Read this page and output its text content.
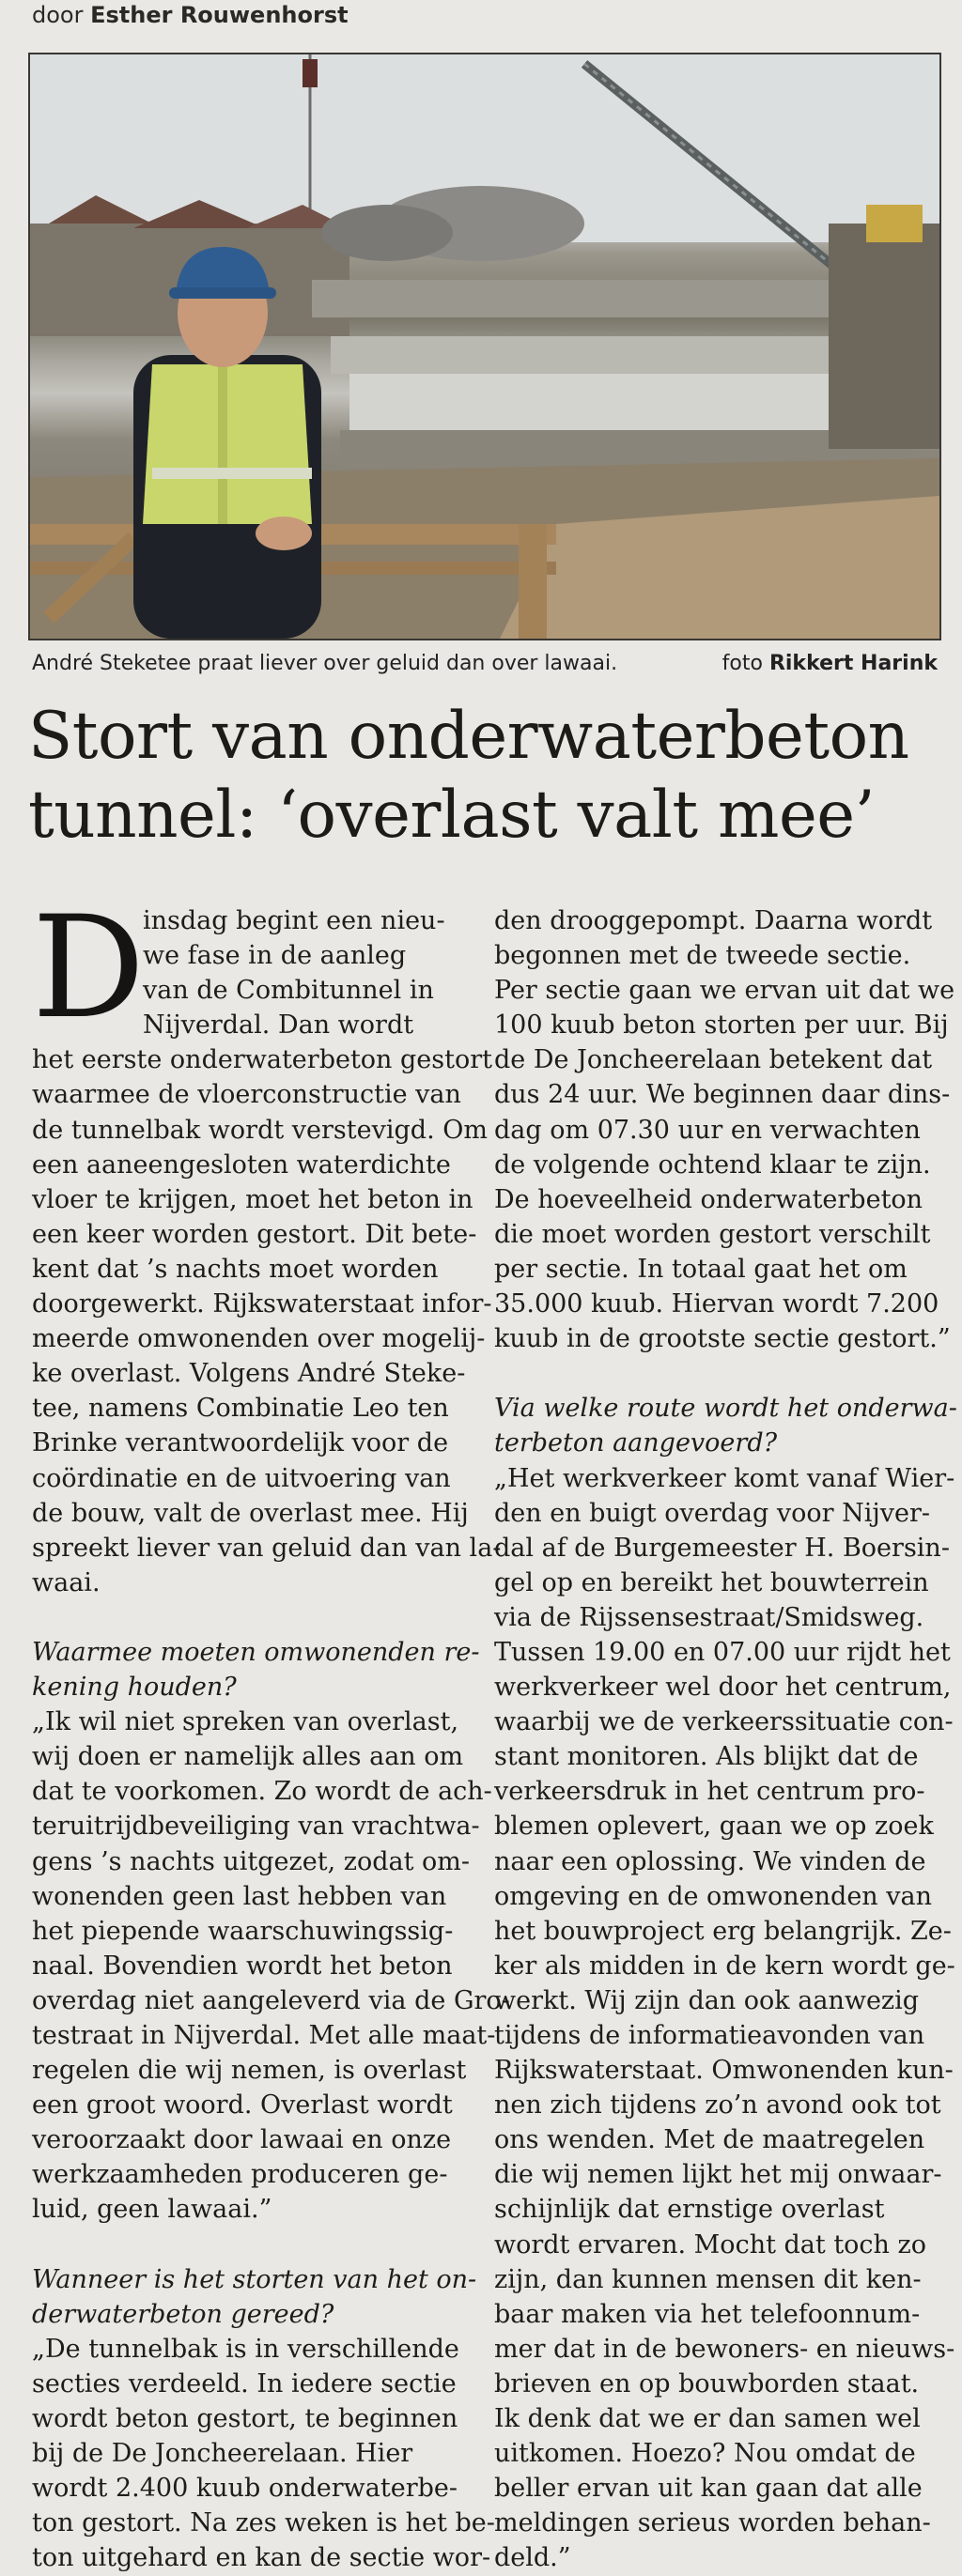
door Esther Rouwenhorst
André Steketee praat liever over geluid dan over lawaai.	foto Rikkert Harink
Stort van onderwaterbeton
tunnel: ‘overlast valt mee’
D
insdag begint een nieu-
we fase in de aanleg
van de Combitunnel in
Nijverdal. Dan wordt
het eerste onderwaterbeton gestort
waarmee de vloerconstructie van
de tunnelbak wordt verstevigd. Om
een aaneengesloten waterdichte
vloer te krijgen, moet het beton in
een keer worden gestort. Dit bete-
kent dat ’s nachts moet worden
doorgewerkt. Rijkswaterstaat infor-
meerde omwonenden over mogelij-
ke overlast. Volgens André Steke-
tee, namens Combinatie Leo ten
Brinke verantwoordelijk voor de
coördinatie en de uitvoering van
de bouw, valt de overlast mee. Hij
spreekt liever van geluid dan van la-
waai.
Waarmee moeten omwonenden re-
kening houden?
„Ik wil niet spreken van overlast,
wij doen er namelijk alles aan om
dat te voorkomen. Zo wordt de ach-
teruitrijdbeveiliging van vrachtwa-
gens ’s nachts uitgezet, zodat om-
wonenden geen last hebben van
het piepende waarschuwingssig-
naal. Bovendien wordt het beton
overdag niet aangeleverd via de Gro-
testraat in Nijverdal. Met alle maat-
regelen die wij nemen, is overlast
een groot woord. Overlast wordt
veroorzaakt door lawaai en onze
werkzaamheden produceren ge-
luid, geen lawaai.”
Wanneer is het storten van het on-
derwaterbeton gereed?
„De tunnelbak is in verschillende
secties verdeeld. In iedere sectie
wordt beton gestort, te beginnen
bij de De Joncheerelaan. Hier
wordt 2.400 kuub onderwaterbe-
ton gestort. Na zes weken is het be-
ton uitgehard en kan de sectie wor-
den drooggepompt. Daarna wordt
begonnen met de tweede sectie.
Per sectie gaan we ervan uit dat we
100 kuub beton storten per uur. Bij
de De Joncheerelaan betekent dat
dus 24 uur. We beginnen daar dins-
dag om 07.30 uur en verwachten
de volgende ochtend klaar te zijn.
De hoeveelheid onderwaterbeton
die moet worden gestort verschilt
per sectie. In totaal gaat het om
35.000 kuub. Hiervan wordt 7.200
kuub in de grootste sectie gestort.”
Via welke route wordt het onderwa-
terbeton aangevoerd?
„Het werkverkeer komt vanaf Wier-
den en buigt overdag voor Nijver-
dal af de Burgemeester H. Boersin-
gel op en bereikt het bouwterrein
via de Rijssensestraat/Smidsweg.
Tussen 19.00 en 07.00 uur rijdt het
werkverkeer wel door het centrum,
waarbij we de verkeerssituatie con-
stant monitoren. Als blijkt dat de
verkeersdruk in het centrum pro-
blemen oplevert, gaan we op zoek
naar een oplossing. We vinden de
omgeving en de omwonenden van
het bouwproject erg belangrijk. Ze-
ker als midden in de kern wordt ge-
werkt. Wij zijn dan ook aanwezig
tijdens de informatieavonden van
Rijkswaterstaat. Omwonenden kun-
nen zich tijdens zo’n avond ook tot
ons wenden. Met de maatregelen
die wij nemen lijkt het mij onwaar-
schijnlijk dat ernstige overlast
wordt ervaren. Mocht dat toch zo
zijn, dan kunnen mensen dit ken-
baar maken via het telefoonnum-
mer dat in de bewoners- en nieuws-
brieven en op bouwborden staat.
Ik denk dat we er dan samen wel
uitkomen. Hoezo? Nou omdat de
beller ervan uit kan gaan dat alle
meldingen serieus worden behan-
deld.”
